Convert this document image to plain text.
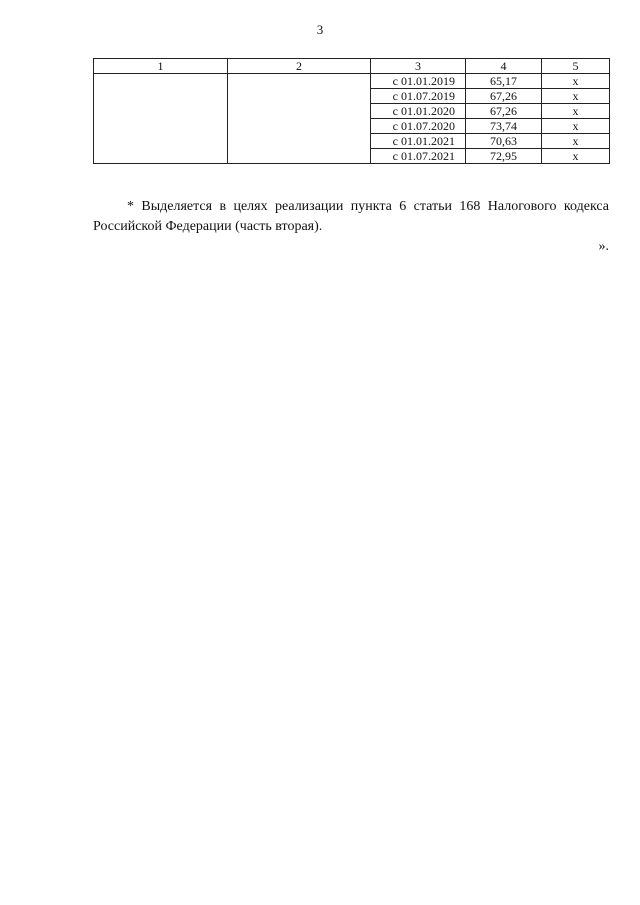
3
1	2	3	4	5
		с 01.01.2019	65,17	x
		с 01.07.2019	67,26	x
		с 01.01.2020	67,26	x
		с 01.07.2020	73,74	x
		с 01.01.2021	70,63	x
		с 01.07.2021	72,95	x

* Выделяется в целях реализации пункта 6 статьи 168 Налогового кодекса Российской Федерации (часть вторая).

».
